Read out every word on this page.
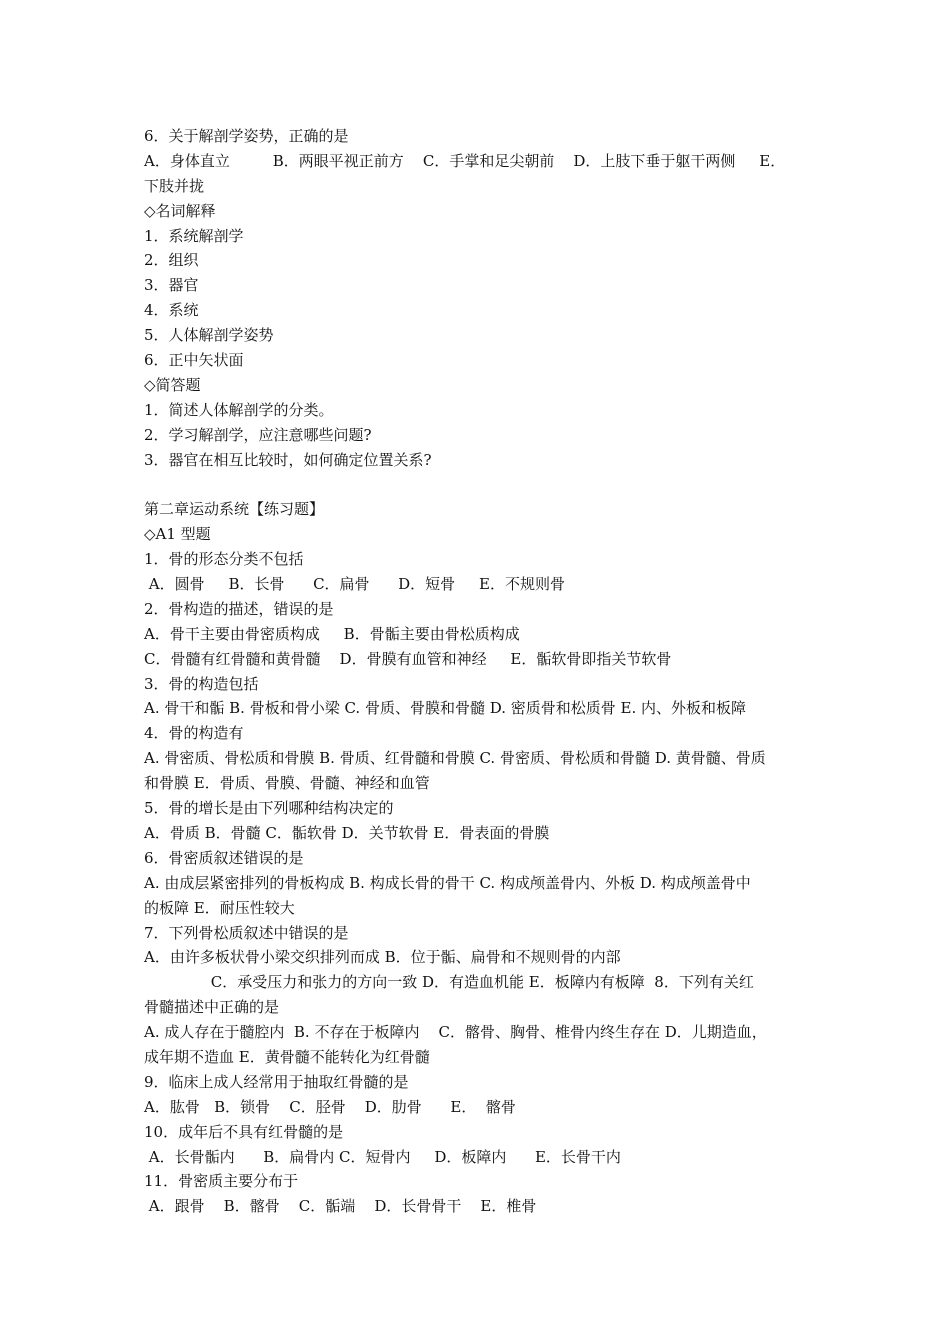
6．关于解剖学姿势，正确的是
A．身体直立         B．两眼平视正前方    C．手掌和足尖朝前    D．上肢下垂于躯干两侧     E．
下肢并拢
◇名词解释
1．系统解剖学
2．组织
3．器官
4．系统
5．人体解剖学姿势
6．正中矢状面
◇简答题
1．简述人体解剖学的分类。
2．学习解剖学，应注意哪些问题?
3．器官在相互比较时，如何确定位置关系?
第二章运动系统【练习题】
◇A1 型题
1．骨的形态分类不包括
A．圆骨     B．长骨      C．扁骨      D．短骨     E．不规则骨
2．骨构造的描述，错误的是
A．骨干主要由骨密质构成     B．骨骺主要由骨松质构成
C．骨髓有红骨髓和黄骨髓    D．骨膜有血管和神经     E．骺软骨即指关节软骨
3．骨的构造包括
A. 骨干和骺 B. 骨板和骨小梁 C. 骨质、骨膜和骨髓 D. 密质骨和松质骨 E. 内、外板和板障
4．骨的构造有
A. 骨密质、骨松质和骨膜 B. 骨质、红骨髓和骨膜 C. 骨密质、骨松质和骨髓 D. 黄骨髓、骨质
和骨膜 E．骨质、骨膜、骨髓、神经和血管
5．骨的增长是由下列哪种结构决定的
A．骨质 B．骨髓 C．骺软骨 D．关节软骨 E．骨表面的骨膜
6．骨密质叙述错误的是
A. 由成层紧密排列的骨板构成 B. 构成长骨的骨干 C. 构成颅盖骨内、外板 D. 构成颅盖骨中
的板障 E．耐压性较大
7．下列骨松质叙述中错误的是
A．由许多板状骨小梁交织排列而成 B．位于骺、扁骨和不规则骨的内部
C．承受压力和张力的方向一致 D．有造血机能 E．板障内有板障  8．下列有关红
骨髓描述中正确的是
A. 成人存在于髓腔内  B. 不存在于板障内    C．髂骨、胸骨、椎骨内终生存在 D．儿期造血，
成年期不造血 E．黄骨髓不能转化为红骨髓
9．临床上成人经常用于抽取红骨髓的是
A．肱骨   B．锁骨    C．胫骨    D．肋骨      E．  髂骨
10．成年后不具有红骨髓的是
A．长骨骺内      B．扁骨内 C．短骨内     D．板障内      E．长骨干内
11．骨密质主要分布于
A．跟骨    B．髂骨    C．骺端    D．长骨骨干    E．椎骨
